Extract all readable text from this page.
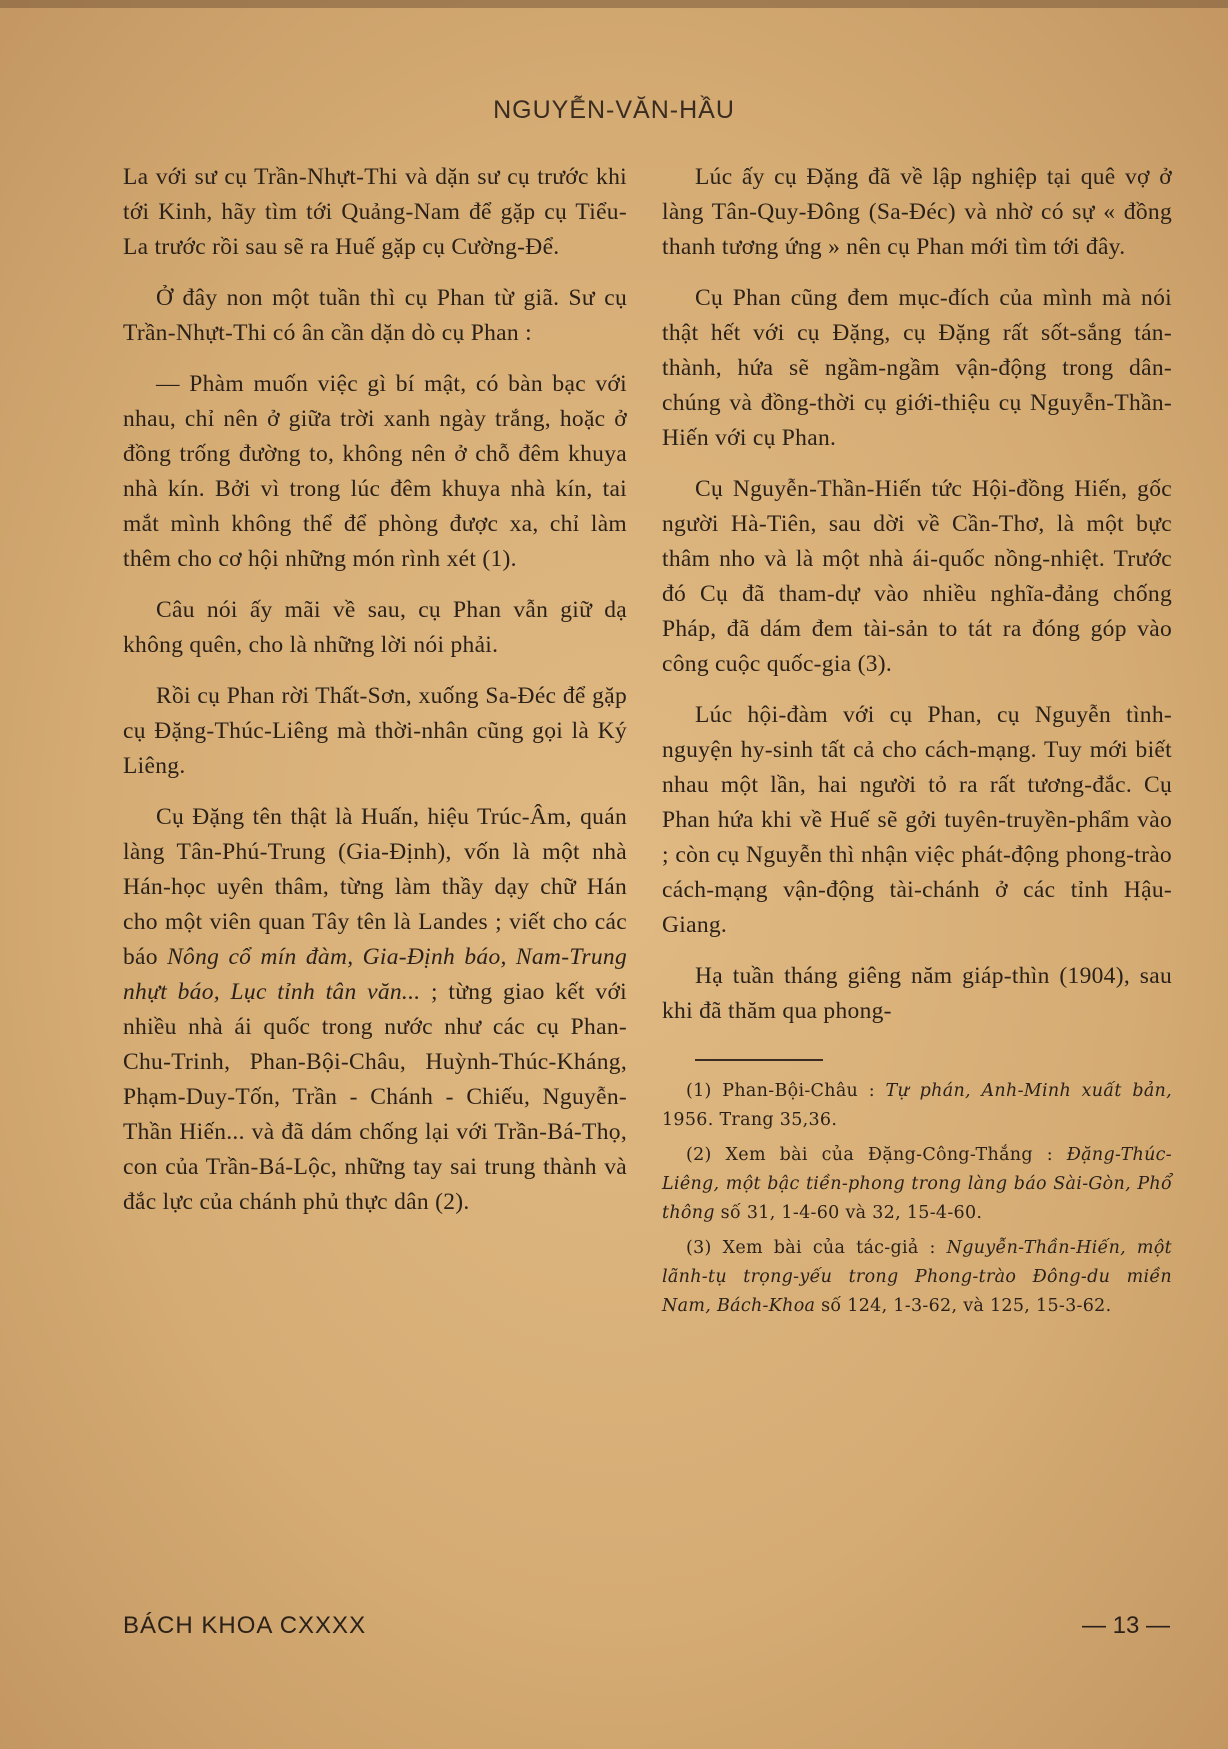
NGUYỄN-VĂN-HẦU

La với sư cụ Trần-Nhựt-Thi và dặn sư cụ trước khi tới Kinh, hãy tìm tới Quảng-Nam để gặp cụ Tiểu-La trước rồi sau sẽ ra Huế gặp cụ Cường-Để.

Ở đây non một tuần thì cụ Phan từ giã. Sư cụ Trần-Nhựt-Thi có ân cần dặn dò cụ Phan :

— Phàm muốn việc gì bí mật, có bàn bạc với nhau, chỉ nên ở giữa trời xanh ngày trắng, hoặc ở đồng trống đường to, không nên ở chỗ đêm khuya nhà kín. Bởi vì trong lúc đêm khuya nhà kín, tai mắt mình không thể để phòng được xa, chỉ làm thêm cho cơ hội những món rình xét (1).

Câu nói ấy mãi về sau, cụ Phan vẫn giữ dạ không quên, cho là những lời nói phải.

Rồi cụ Phan rời Thất-Sơn, xuống Sa-Đéc để gặp cụ Đặng-Thúc-Liêng mà thời-nhân cũng gọi là Ký Liêng.

Cụ Đặng tên thật là Huấn, hiệu Trúc-Âm, quán làng Tân-Phú-Trung (Gia-Định), vốn là một nhà Hán-học uyên thâm, từng làm thầy dạy chữ Hán cho một viên quan Tây tên là Landes ; viết cho các báo Nông cổ mín đàm, Gia-Định báo, Nam-Trung nhựt báo, Lục tỉnh tân văn... ; từng giao kết với nhiều nhà ái quốc trong nước như các cụ Phan-Chu-Trinh, Phan-Bội-Châu, Huỳnh-Thúc-Kháng, Phạm-Duy-Tốn, Trần - Chánh - Chiếu, Nguyễn-Thần Hiến... và đã dám chống lại với Trần-Bá-Thọ, con của Trần-Bá-Lộc, những tay sai trung thành và đắc lực của chánh phủ thực dân (2).

Lúc ấy cụ Đặng đã về lập nghiệp tại quê vợ ở làng Tân-Quy-Đông (Sa-Đéc) và nhờ có sự « đồng thanh tương ứng » nên cụ Phan mới tìm tới đây.

Cụ Phan cũng đem mục-đích của mình mà nói thật hết với cụ Đặng, cụ Đặng rất sốt-sắng tán-thành, hứa sẽ ngầm-ngầm vận-động trong dân-chúng và đồng-thời cụ giới-thiệu cụ Nguyễn-Thần-Hiến với cụ Phan.

Cụ Nguyễn-Thần-Hiến tức Hội-đồng Hiến, gốc người Hà-Tiên, sau dời về Cần-Thơ, là một bực thâm nho và là một nhà ái-quốc nồng-nhiệt. Trước đó Cụ đã tham-dự vào nhiều nghĩa-đảng chống Pháp, đã dám đem tài-sản to tát ra đóng góp vào công cuộc quốc-gia (3).

Lúc hội-đàm với cụ Phan, cụ Nguyễn tình-nguyện hy-sinh tất cả cho cách-mạng. Tuy mới biết nhau một lần, hai người tỏ ra rất tương-đắc. Cụ Phan hứa khi về Huế sẽ gởi tuyên-truyền-phẩm vào ; còn cụ Nguyễn thì nhận việc phát-động phong-trào cách-mạng vận-động tài-chánh ở các tỉnh Hậu-Giang.

Hạ tuần tháng giêng năm giáp-thìn (1904), sau khi đã thăm qua phong-

(1) Phan-Bội-Châu : Tự phán, Anh-Minh xuất bản, 1956. Trang 35,36.

(2) Xem bài của Đặng-Công-Thắng : Đặng-Thúc-Liêng, một bậc tiền-phong trong làng báo Sài-Gòn, Phổ thông số 31, 1-4-60 và 32, 15-4-60.

(3) Xem bài của tác-giả : Nguyễn-Thần-Hiến, một lãnh-tụ trọng-yếu trong Phong-trào Đông-du miền Nam, Bách-Khoa số 124, 1-3-62, và 125, 15-3-62.

BÁCH KHOA CXXXX	— 13 —
